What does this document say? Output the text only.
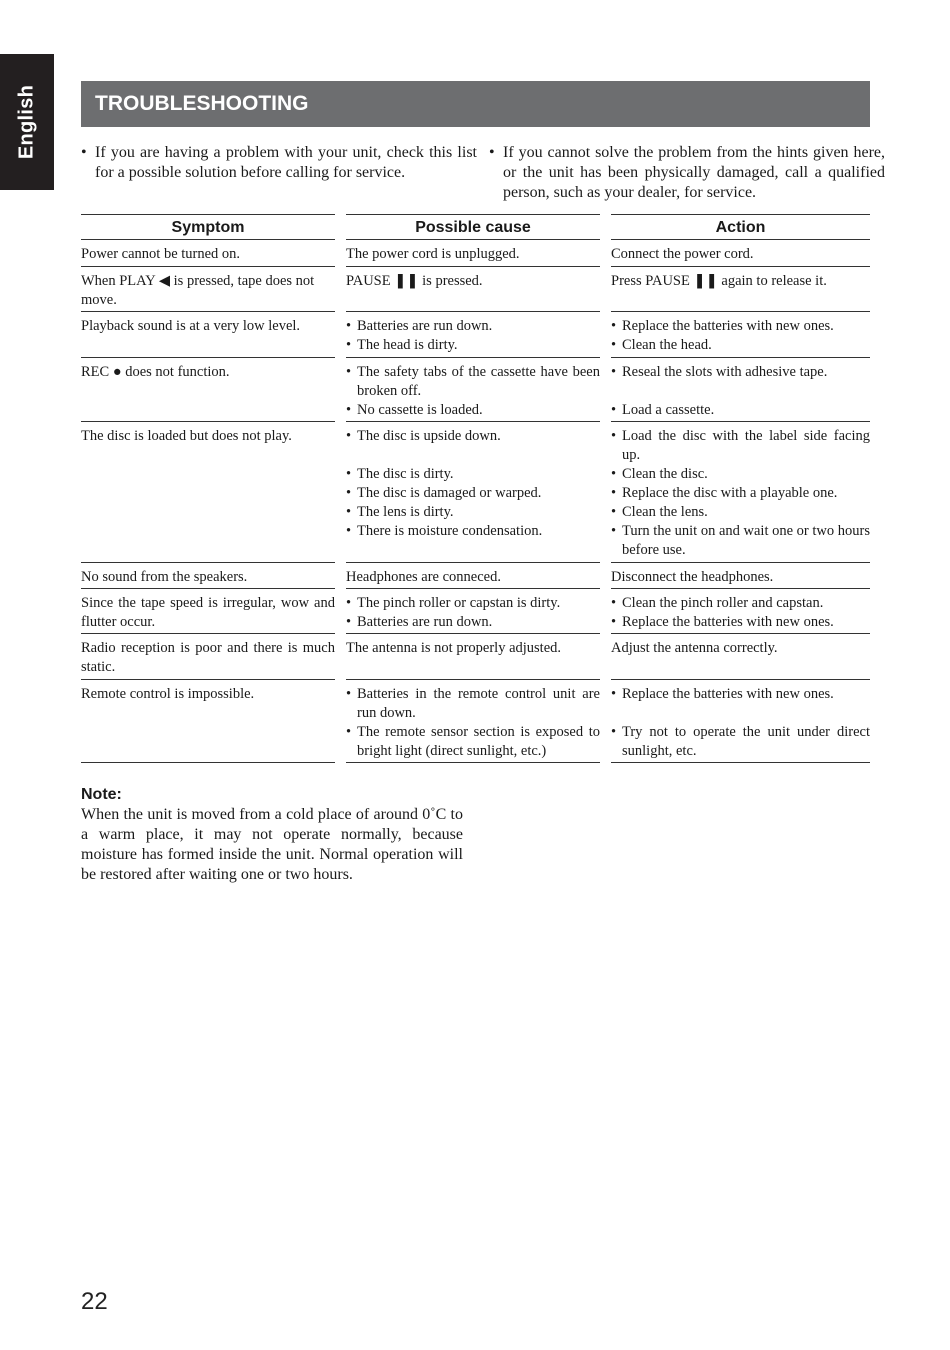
English	TROUBLESHOOTING

• If you are having a problem with your unit, check this list for a possible solution before calling for service.

• If you cannot solve the problem from the hints given here, or the unit has been physically damaged, call a qualified person, such as your dealer, for service.

Symptom
Power cannot be turned on.
When PLAY ◀ is pressed, tape does not move.
Playback sound is at a very low level.
REC ● does not function.
The disc is loaded but does not play.
No sound from the speakers.
Since the tape speed is irregular, wow and flutter occur.
Radio reception is poor and there is much static.
Remote control is impossible.
Possible cause
The power cord is unplugged.
PAUSE ❚❚ is pressed.
• Batteries are run down.
• The head is dirty.
• The safety tabs of the cassette have been broken off.
• No cassette is loaded.
• The disc is upside down.
• The disc is dirty.
• The disc is damaged or warped.
• The lens is dirty.
• There is moisture condensation.
Headphones are conneced.
• The pinch roller or capstan is dirty.
• Batteries are run down.
The antenna is not properly adjusted.
• Batteries in the remote control unit are run down.
• The remote sensor section is exposed to bright light (direct sunlight, etc.)
Action
Connect the power cord.
Press PAUSE ❚❚ again to release it.
• Replace the batteries with new ones.
• Clean the head.
• Reseal the slots with adhesive tape.
• Load a cassette.
• Load the disc with the label side facing up.
• Clean the disc.
• Replace the disc with a playable one.
• Clean the lens.
• Turn the unit on and wait one or two hours before use.
Disconnect the headphones.
• Clean the pinch roller and capstan.
• Replace the batteries with new ones.
Adjust the antenna correctly.
• Replace the batteries with new ones.
• Try not to operate the unit under direct sunlight, etc.

Note:

When the unit is moved from a cold place of around 0˚C to a warm place, it may not operate normally, because moisture has formed inside the unit. Normal operation will be restored after waiting one or two hours.

22
